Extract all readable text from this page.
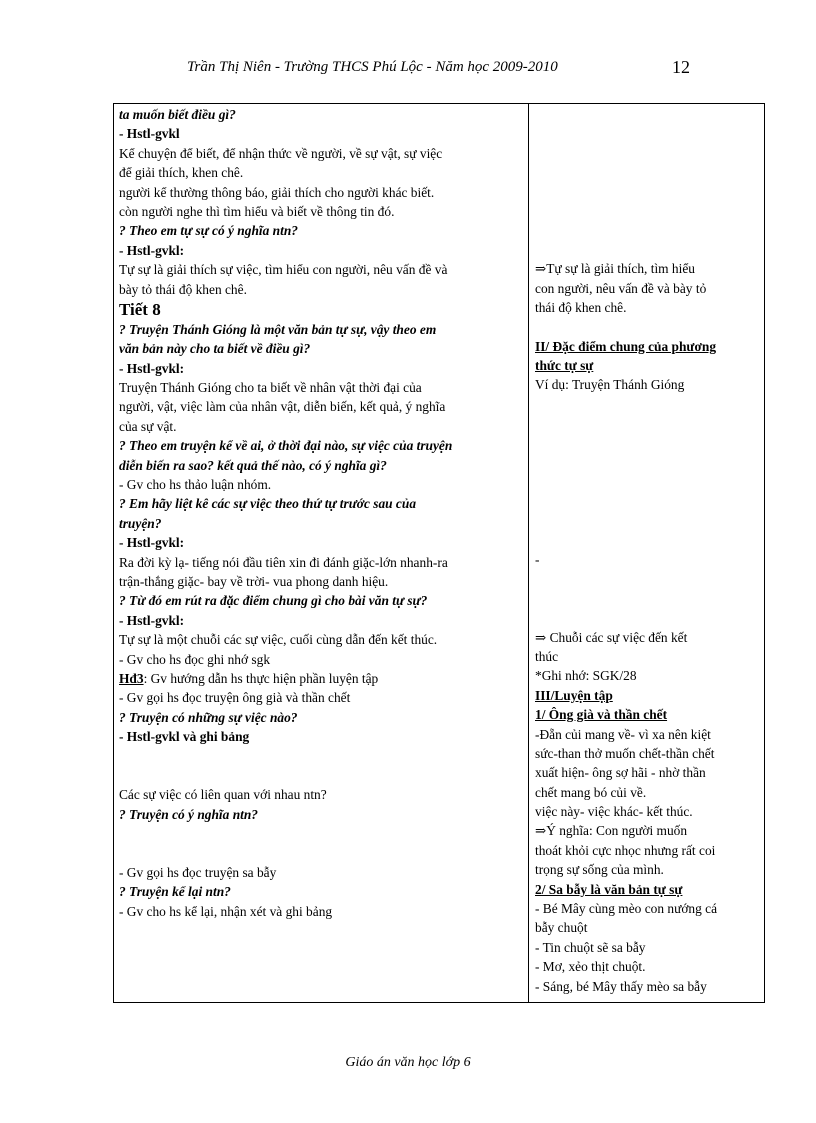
Trần Thị Niên - Trường THCS Phú Lộc - Năm học 2009-2010	12
ta muốn biết điều gì?
- Hstl-gvkl
Kể chuyện để biết, để nhận thức về người, về sự vật, sự việc
để giải thích, khen chê.
người kể thường thông báo, giải thích cho người khác biết.
còn người nghe thì tìm hiểu và biết về thông tin đó.
? Theo em tự sự có ý nghĩa ntn?
- Hstl-gvkl:
Tự sự là giải thích sự việc, tìm hiểu con người, nêu vấn đề và
bày tỏ thái độ khen chê.
Tiết 8
? Truyện Thánh Gióng là một văn bản tự sự, vậy theo em
văn bản này cho ta biết về điều gì?
- Hstl-gvkl:
Truyện Thánh Gióng cho ta biết về nhân vật thời đại của
người, vật, việc làm của nhân vật, diễn biến, kết quả, ý nghĩa
của sự vật.
? Theo em truyện kể về ai, ở thời đại nào, sự việc của truyện
diễn biến ra sao? kết quả thế nào, có ý nghĩa gì?
- Gv cho hs thảo luận nhóm.
? Em hãy liệt kê các sự việc theo thứ tự trước sau của
truyện?
- Hstl-gvkl:
Ra đời kỳ lạ- tiếng nói đầu tiên xin đi đánh giặc-lớn nhanh-ra
trận-thắng giặc- bay về trời- vua phong danh hiệu.
? Từ đó em rút ra đặc điểm chung gì cho bài văn tự sự?
- Hstl-gvkl:
Tự sự là một chuỗi các sự việc, cuối cùng dẫn đến kết thúc.
- Gv cho hs đọc ghi nhớ sgk
Hđ3: Gv hướng dẫn hs thực hiện phần luyện tập
- Gv gọi hs đọc truyện ông già và thần chết
? Truyện có những sự việc nào?
- Hstl-gvkl và ghi bảng
Các sự việc có liên quan với nhau ntn?
? Truyện có ý nghĩa ntn?
- Gv gọi hs đọc truyện sa bẫy
? Truyện kể lại ntn?
- Gv cho hs kể lại, nhận xét và ghi bảng
⇒Tự sự là giải thích, tìm hiểu
con người, nêu vấn đề và bày tỏ
thái độ khen chê.
II/ Đặc điểm chung của phương
thức tự sự
Ví dụ: Truyện Thánh Gióng
-
⇒ Chuỗi các sự việc đến kết
thúc
*Ghi nhớ: SGK/28
III/Luyện tập
1/ Ông già và thần chết
-Đẵn củi mang về- vì xa nên kiệt
sức-than thở muốn chết-thần chết
xuất hiện- ông sợ hãi - nhờ thần
chết mang bó củi về.
việc này- việc khác- kết thúc.
⇒Ý nghĩa: Con người muốn
thoát khỏi cực nhọc nhưng rất coi
trọng sự sống của mình.
2/ Sa bẫy là văn bản tự sự
- Bé Mây cùng mèo con nướng cá
bẫy chuột
- Tin chuột sẽ sa bẫy
- Mơ, xẻo thịt chuột.
- Sáng, bé Mây thấy mèo sa bẫy
Giáo án văn học lớp 6
